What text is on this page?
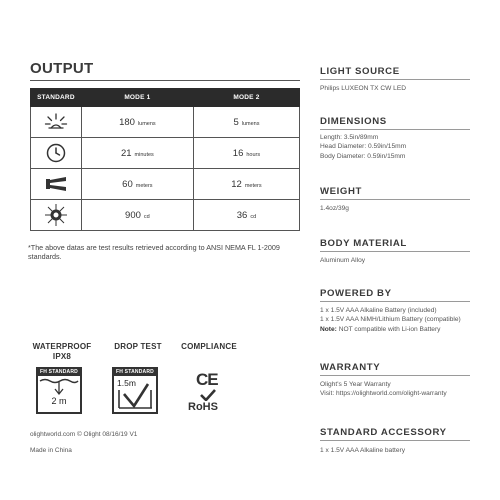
OUTPUT
STANDARD	MODE 1	MODE 2

	180 lumens	5 lumens

	21 minutes	16 hours

	60 meters	12 meters

	900 cd	36 cd
*The above datas are test results retrieved according to ANSI NEMA FL 1-2009 standards.
WATERPROOF
IPX8
FH STANDARD
2 m
DROP TEST
FH STANDARD
1.5m
COMPLIANCE
CE
RoHS
olightworld.com © Olight 08/16/19 V1
Made in China
LIGHT SOURCE
Philips LUXEON TX CW LED
DIMENSIONS
Length: 3.5in/89mm
Head Diameter: 0.59in/15mm
Body Diameter: 0.59in/15mm
WEIGHT
1.4oz/39g
BODY MATERIAL
Aluminum Alloy
POWERED BY
1 x 1.5V AAA Alkaline Battery (included)
1 x 1.5V AAA NiMH/Lithium Battery (compatible)
Note: NOT compatible with Li-ion Battery
WARRANTY
Olight's 5 Year Warranty
Visit: https://olightworld.com/olight-warranty
STANDARD ACCESSORY
1 x 1.5V AAA Alkaline battery
